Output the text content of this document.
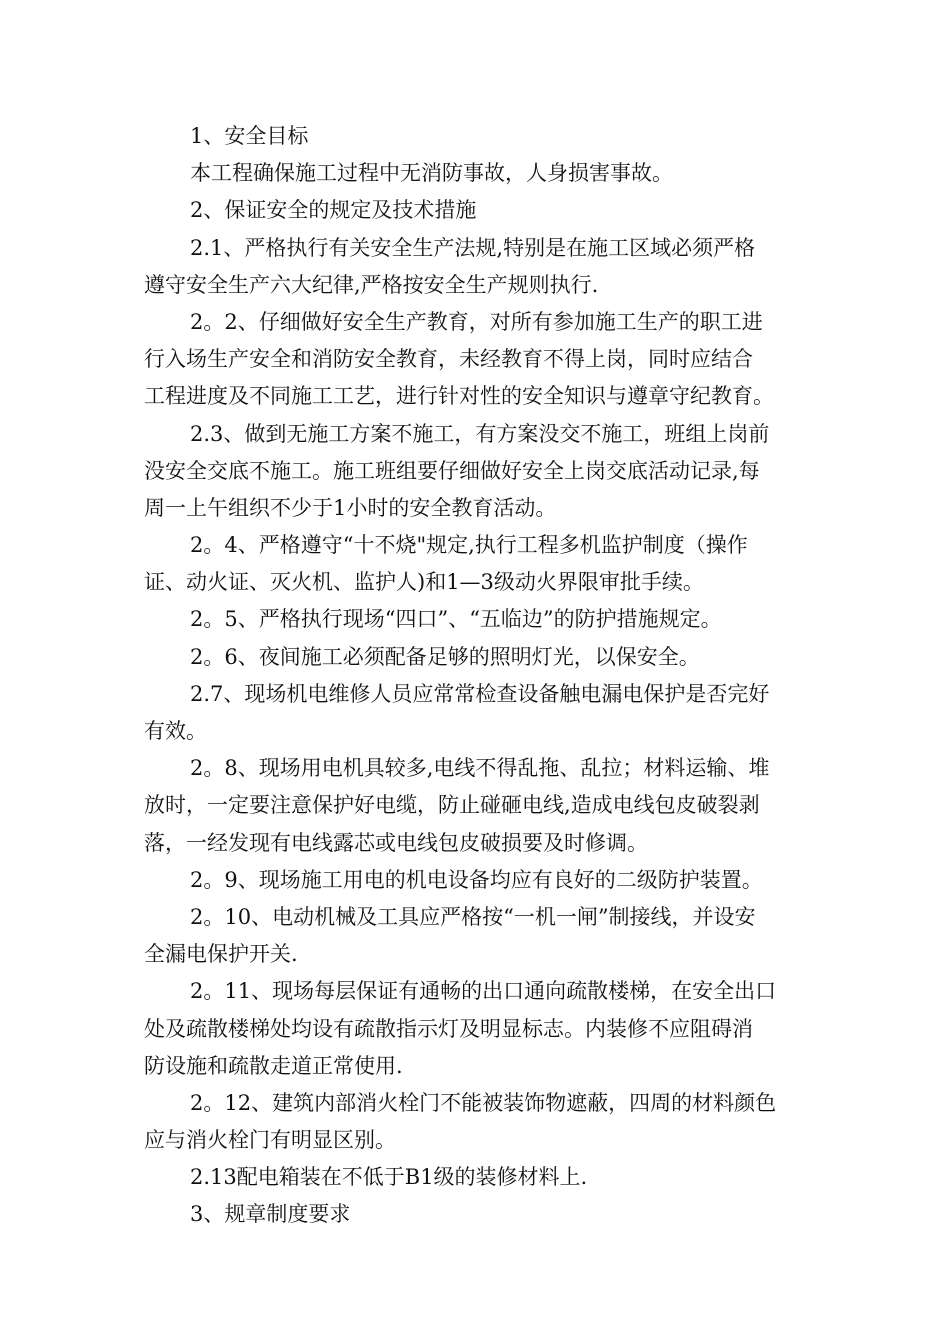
1、安全目标
本工程确保施工过程中无消防事故，人身损害事故。
2、保证安全的规定及技术措施
2.1、严格执行有关安全生产法规,特别是在施工区域必须严格
遵守安全生产六大纪律,严格按安全生产规则执行.
2。2、仔细做好安全生产教育，对所有参加施工生产的职工进
行入场生产安全和消防安全教育，未经教育不得上岗，同时应结合
工程进度及不同施工工艺，进行针对性的安全知识与遵章守纪教育。
2.3、做到无施工方案不施工，有方案没交不施工，班组上岗前
没安全交底不施工。施工班组要仔细做好安全上岗交底活动记录,每
周一上午组织不少于1小时的安全教育活动。
2。4、严格遵守“十不烧"规定,执行工程多机监护制度（操作
证、动火证、灭火机、监护人)和1—3级动火界限审批手续。
2。5、严格执行现场“四口”、“五临边”的防护措施规定。
2。6、夜间施工必须配备足够的照明灯光，以保安全。
2.7、现场机电维修人员应常常检查设备触电漏电保护是否完好
有效。
2。8、现场用电机具较多,电线不得乱拖、乱拉；材料运输、堆
放时，一定要注意保护好电缆，防止碰砸电线,造成电线包皮破裂剥
落，一经发现有电线露芯或电线包皮破损要及时修调。
2。9、现场施工用电的机电设备均应有良好的二级防护装置。
2。10、电动机械及工具应严格按“一机一闸”制接线，并设安
全漏电保护开关.
2。11、现场每层保证有通畅的出口通向疏散楼梯，在安全出口
处及疏散楼梯处均设有疏散指示灯及明显标志。内装修不应阻碍消
防设施和疏散走道正常使用.
2。12、建筑内部消火栓门不能被装饰物遮蔽，四周的材料颜色
应与消火栓门有明显区别。
2.13配电箱装在不低于B1级的装修材料上.
3、规章制度要求
